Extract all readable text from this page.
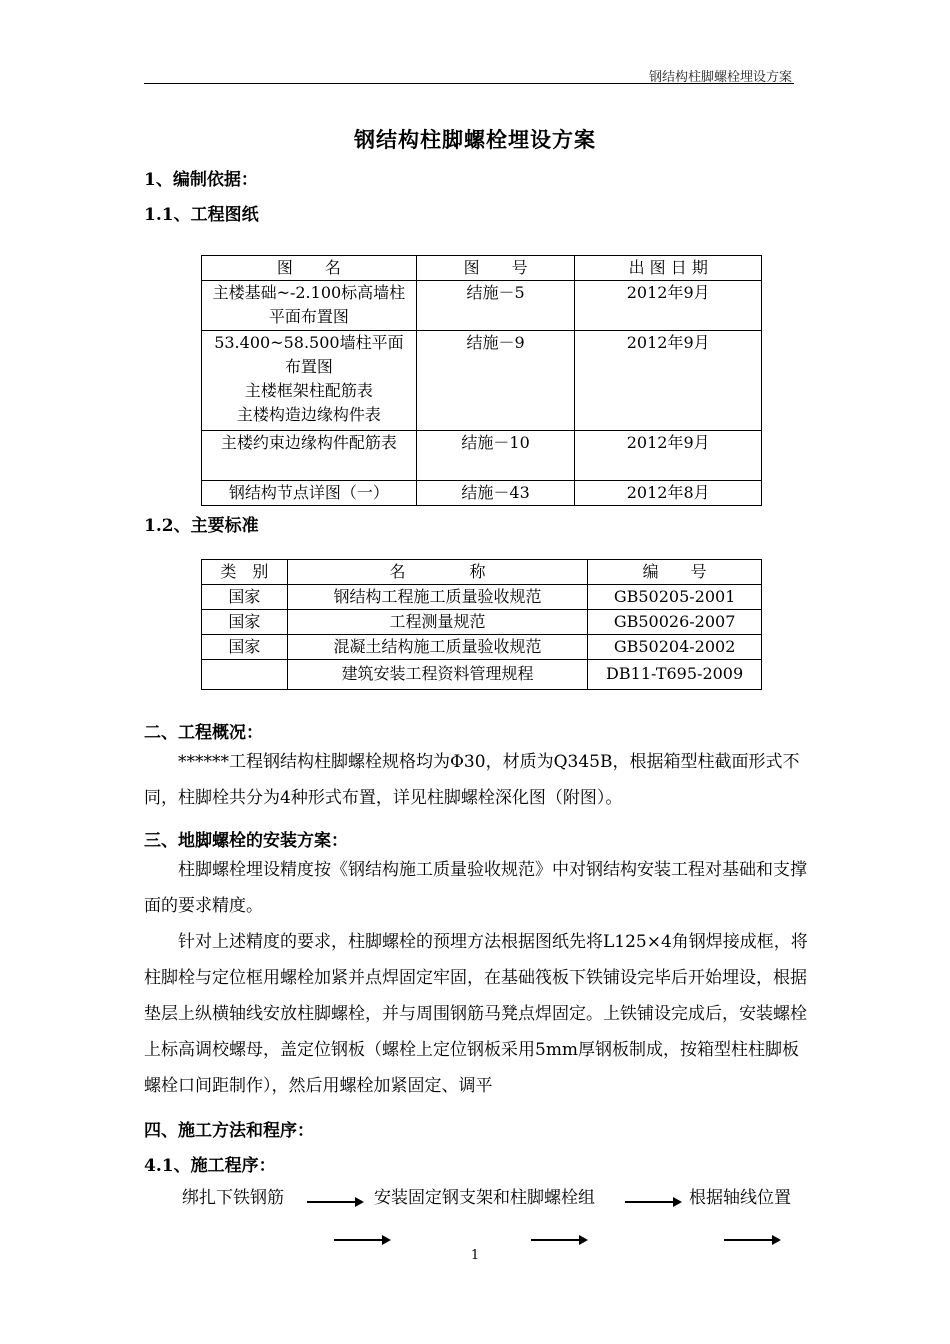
钢结构柱脚螺栓埋设方案
钢结构柱脚螺栓埋设方案
1、编制依据：
1.1、工程图纸
图　　名	图　　号	出 图 日 期
主楼基础~-2.100标高墙柱平面布置图	结施－5	2012年9月
53.400~58.500墙柱平面布置图
主楼框架柱配筋表
主楼构造边缘构件表	结施－9	2012年9月
主楼约束边缘构件配筋表	结施－10	2012年9月
钢结构节点详图（一）	结施－43	2012年8月
1.2、主要标准
类　别	名　　　　称	编　　号
国家	钢结构工程施工质量验收规范	GB50205-2001
国家	工程测量规范	GB50026-2007
国家	混凝土结构施工质量验收规范	GB50204-2002
	建筑安装工程资料管理规程	DB11-T695-2009
二、工程概况：
　　******工程钢结构柱脚螺栓规格均为Φ30，材质为Q345B，根据箱型柱截面形式不同，柱脚栓共分为4种形式布置，详见柱脚螺栓深化图（附图）。
三、地脚螺栓的安装方案：
　　柱脚螺栓埋设精度按《钢结构施工质量验收规范》中对钢结构安装工程对基础和支撑面的要求精度。
　　针对上述精度的要求，柱脚螺栓的预埋方法根据图纸先将L125×4角钢焊接成框，将柱脚栓与定位框用螺栓加紧并点焊固定牢固，在基础筏板下铁铺设完毕后开始埋设，根据垫层上纵横轴线安放柱脚螺栓，并与周围钢筋马凳点焊固定。上铁铺设完成后，安装螺栓上标高调校螺母，盖定位钢板（螺栓上定位钢板采用5mm厚钢板制成，按箱型柱柱脚板螺栓口间距制作），然后用螺栓加紧固定、调平
四、施工方法和程序：
4.1、施工程序：
绑扎下铁钢筋	安装固定钢支架和柱脚螺栓组	根据轴线位置
1
